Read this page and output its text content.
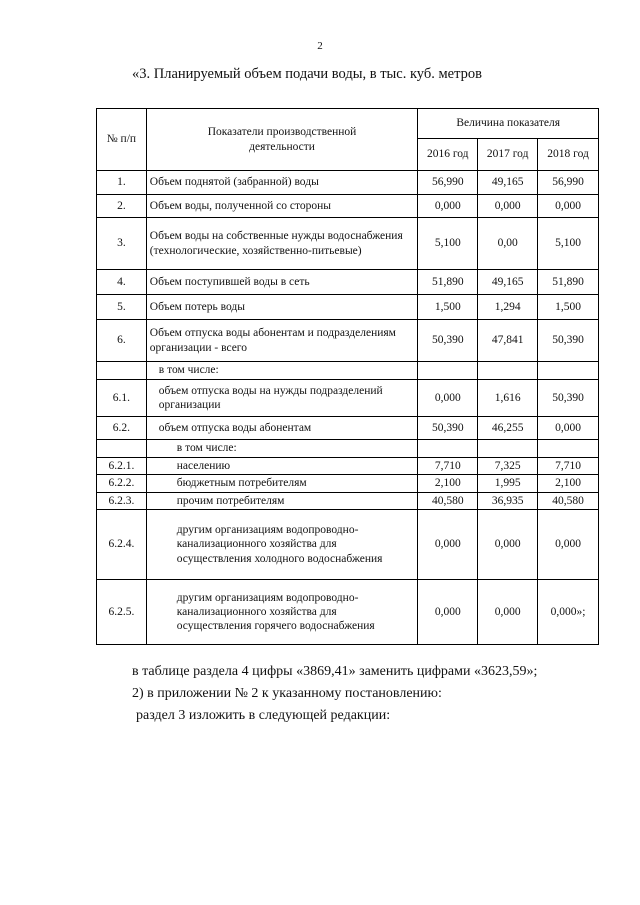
2
«3. Планируемый объем подачи воды, в тыс. куб. метров
№ п/п	Показатели производственной деятельности	Величина показателя		
		2016 год	2017 год	2018 год
1.	Объем поднятой (забранной) воды	56,990	49,165	56,990
2.	Объем воды, полученной со стороны	0,000	0,000	0,000
3.	Объем воды на собственные нужды водоснабжения (технологические, хозяйственно-питьевые)	5,100	0,00	5,100
4.	Объем поступившей воды в сеть	51,890	49,165	51,890
5.	Объем потерь воды	1,500	1,294	1,500
6.	Объем отпуска воды абонентам и подразделениям организации - всего	50,390	47,841	50,390
	в том числе:			
6.1.	объем отпуска воды на нужды подразделений организации	0,000	1,616	50,390
6.2.	объем отпуска воды абонентам	50,390	46,255	0,000
	в том числе:			
6.2.1.	населению	7,710	7,325	7,710
6.2.2.	бюджетным потребителям	2,100	1,995	2,100
6.2.3.	прочим потребителям	40,580	36,935	40,580
6.2.4.	другим организациям водопроводно-канализационного хозяйства для осуществления холодного водоснабжения	0,000	0,000	0,000
6.2.5.	другим организациям водопроводно-канализационного хозяйства для осуществления горячего водоснабжения	0,000	0,000	0,000»;
в таблице раздела 4 цифры «3869,41» заменить цифрами «3623,59»;
2) в приложении № 2 к указанному постановлению:
раздел 3 изложить в следующей редакции:
